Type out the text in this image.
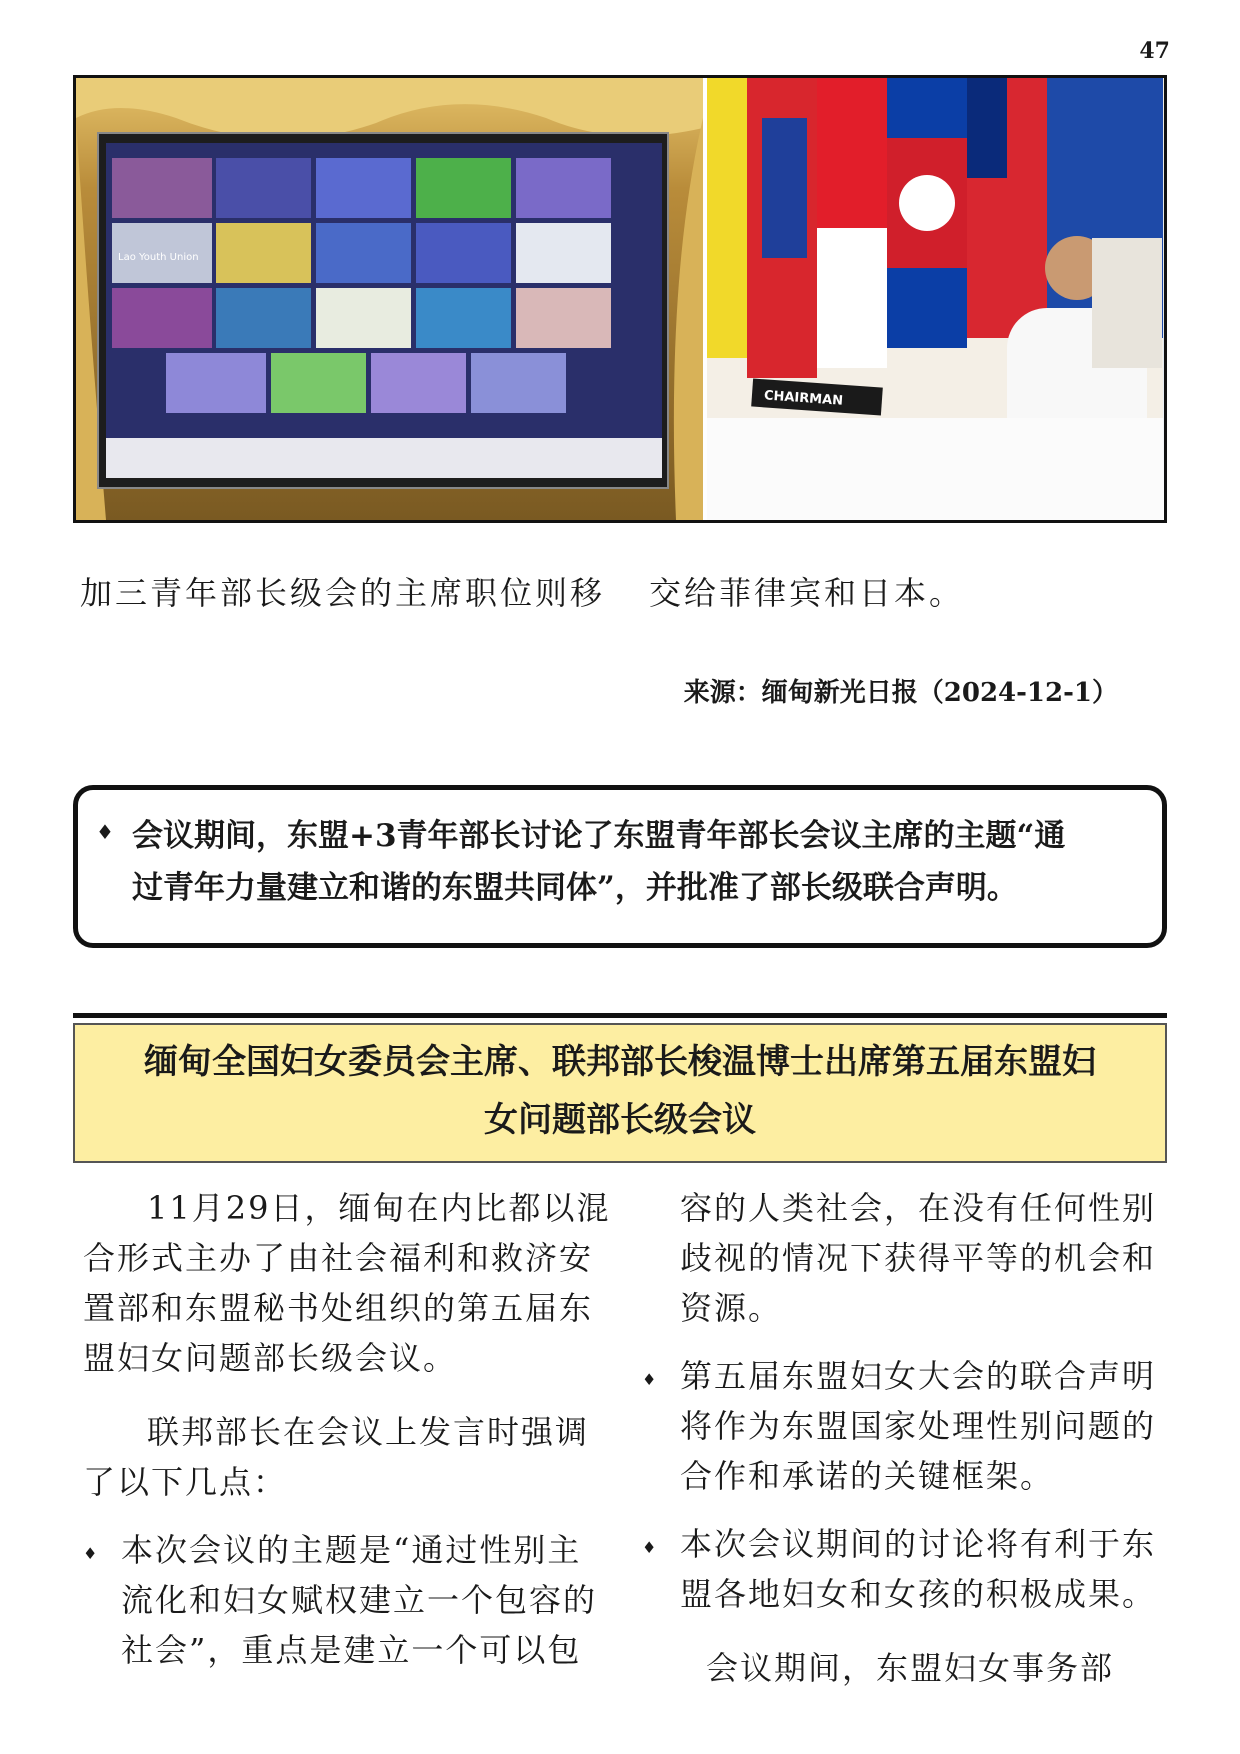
47
Lao Youth Union
CHAIRMAN
加三青年部长级会的主席职位则移 交给菲律宾和日本。
来源：缅甸新光日报（2024-12-1）
♦ 会议期间，东盟+3青年部长讨论了东盟青年部长会议主席的主题“通
过青年力量建立和谐的东盟共同体”，并批准了部长级联合声明。
缅甸全国妇女委员会主席、联邦部长梭温博士出席第五届东盟妇
女问题部长级会议

11月29日，缅甸在内比都以混

合形式主办了由社会福利和救济安

置部和东盟秘书处组织的第五届东

盟妇女问题部长级会议。

联邦部长在会议上发言时强调

了以下几点：

♦ 本次会议的主题是“通过性别主
流化和妇女赋权建立一个包容的
社会”，重点是建立一个可以包
容的人类社会，在没有任何性别
歧视的情况下获得平等的机会和
资源。
♦ 第五届东盟妇女大会的联合声明
将作为东盟国家处理性别问题的
合作和承诺的关键框架。
♦ 本次会议期间的讨论将有利于东
盟各地妇女和女孩的积极成果。

会议期间，东盟妇女事务部
